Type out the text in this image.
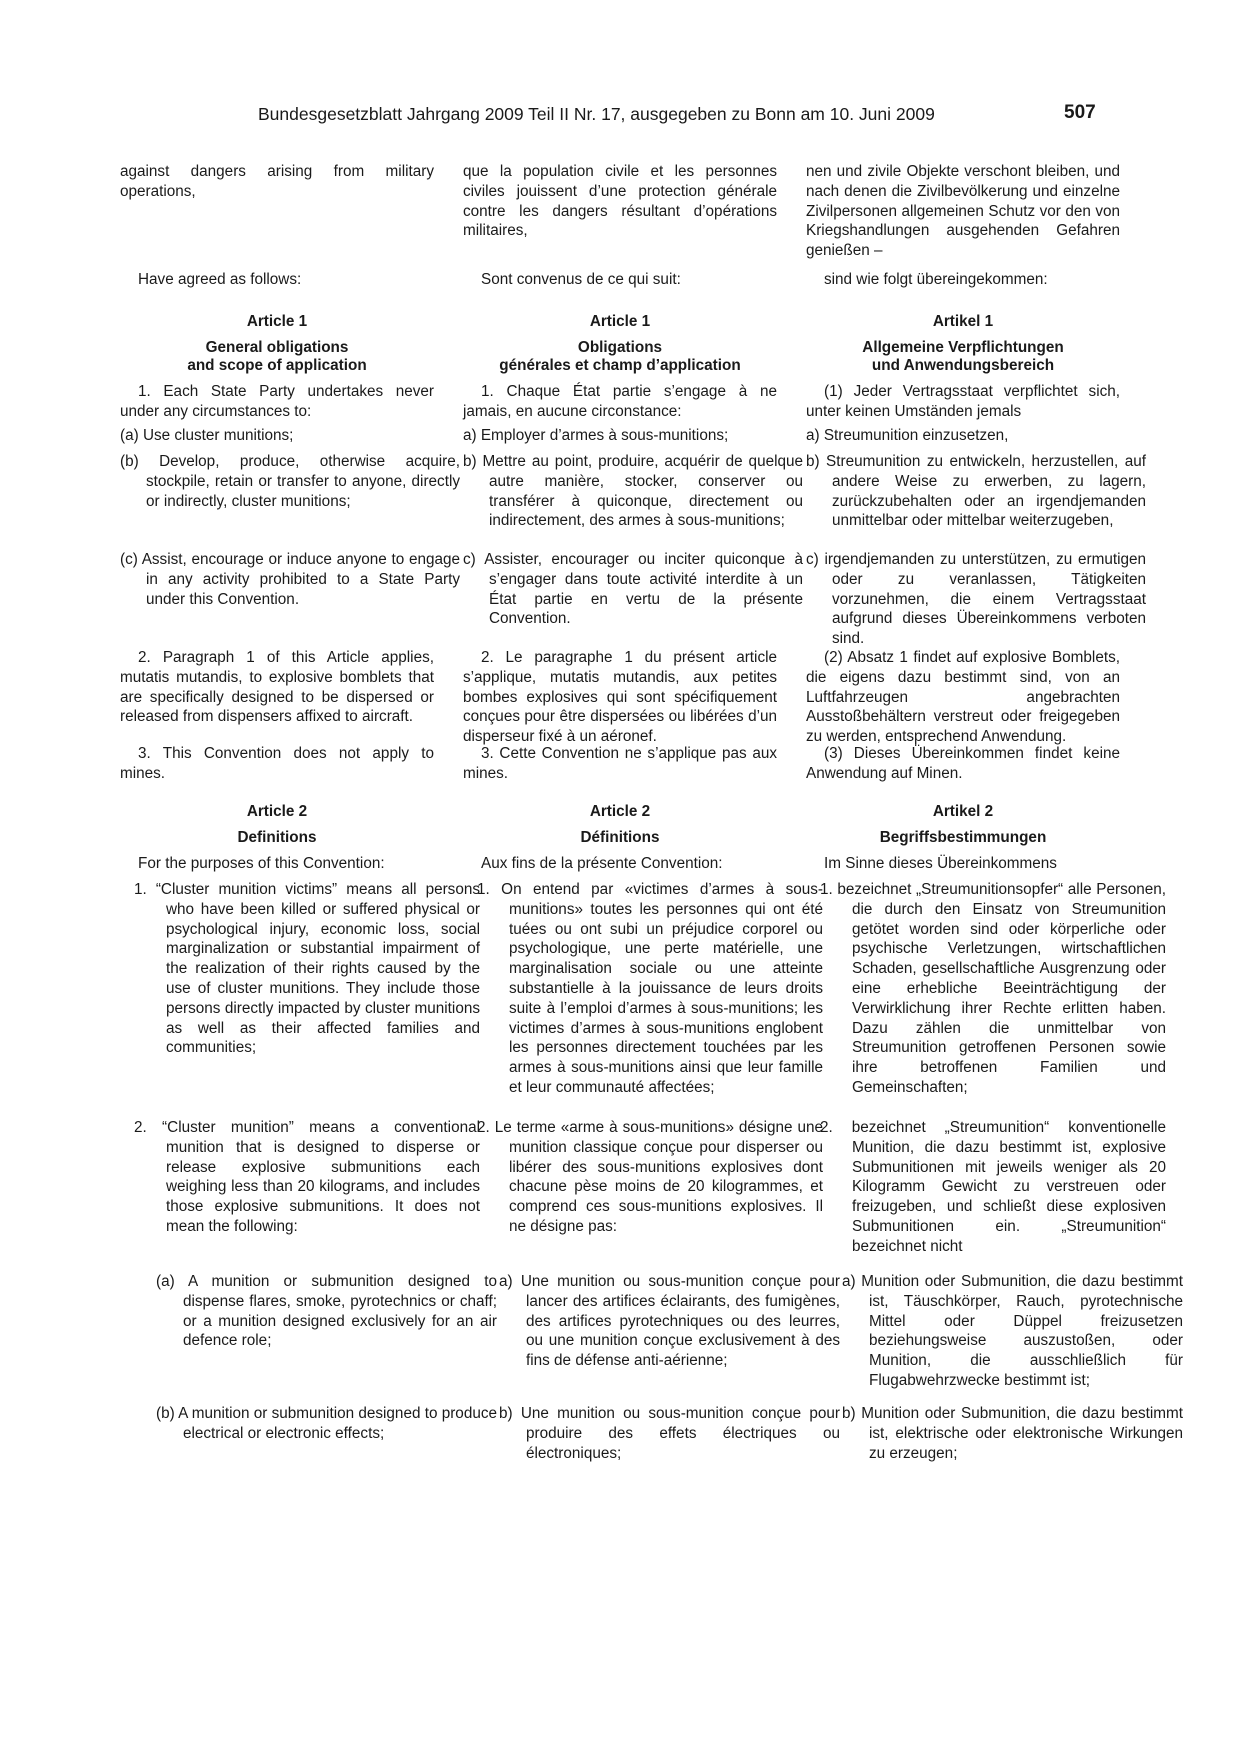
Bundesgesetzblatt Jahrgang 2009 Teil II Nr. 17, ausgegeben zu Bonn am 10. Juni 2009	507
against dangers arising from military operations,
Have agreed as follows:
Article 1
General obligations
and scope of application
1. Each State Party undertakes never under any circumstances to:
(a) Use cluster munitions;
(b) Develop, produce, otherwise acquire, stockpile, retain or transfer to anyone, directly or indirectly, cluster munitions;
(c) Assist, encourage or induce anyone to engage in any activity prohibited to a State Party under this Convention.
2. Paragraph 1 of this Article applies, mutatis mutandis, to explosive bomblets that are specifically designed to be dispersed or released from dispensers affixed to aircraft.
3. This Convention does not apply to mines.
Article 2
Definitions
For the purposes of this Convention:
1. “Cluster munition victims” means all persons who have been killed or suffered physical or psychological injury, economic loss, social marginalization or substantial impairment of the realization of their rights caused by the use of cluster munitions. They include those persons directly impacted by cluster munitions as well as their affected families and communities;
2. “Cluster munition” means a conventional munition that is designed to disperse or release explosive submunitions each weighing less than 20 kilograms, and includes those explosive submunitions. It does not mean the following:
(a) A munition or submunition designed to dispense flares, smoke, pyrotechnics or chaff; or a munition designed exclusively for an air defence role;
(b) A munition or submunition designed to produce electrical or electronic effects;
que la population civile et les personnes civiles jouissent d’une protection générale contre les dangers résultant d’opérations militaires,
Sont convenus de ce qui suit:
Article 1
Obligations
générales et champ d’application
1. Chaque État partie s’engage à ne jamais, en aucune circonstance:
a) Employer d’armes à sous-munitions;
b) Mettre au point, produire, acquérir de quelque autre manière, stocker, conserver ou transférer à quiconque, directement ou indirectement, des armes à sous-munitions;
c) Assister, encourager ou inciter quiconque à s’engager dans toute activité interdite à un État partie en vertu de la présente Convention.
2. Le paragraphe 1 du présent article s’applique, mutatis mutandis, aux petites bombes explosives qui sont spécifiquement conçues pour être dispersées ou libérées d’un disperseur fixé à un aéronef.
3. Cette Convention ne s’applique pas aux mines.
Article 2
Définitions
Aux fins de la présente Convention:
1. On entend par «victimes d’armes à sous-munitions» toutes les personnes qui ont été tuées ou ont subi un préjudice corporel ou psychologique, une perte matérielle, une marginalisation sociale ou une atteinte substantielle à la jouissance de leurs droits suite à l’emploi d’armes à sous-munitions; les victimes d’armes à sous-munitions englobent les personnes directement touchées par les armes à sous-munitions ainsi que leur famille et leur communauté affectées;
2. Le terme «arme à sous-munitions» désigne une munition classique conçue pour disperser ou libérer des sous-munitions explosives dont chacune pèse moins de 20 kilogrammes, et comprend ces sous-munitions explosives. Il ne désigne pas:
a) Une munition ou sous-munition conçue pour lancer des artifices éclairants, des fumigènes, des artifices pyrotechniques ou des leurres, ou une munition conçue exclusivement à des fins de défense anti-aérienne;
b) Une munition ou sous-munition conçue pour produire des effets électriques ou électroniques;
nen und zivile Objekte verschont bleiben, und nach denen die Zivilbevölkerung und einzelne Zivilpersonen allgemeinen Schutz vor den von Kriegshandlungen ausgehenden Gefahren genießen –
sind wie folgt übereingekommen:
Artikel 1
Allgemeine Verpflichtungen
und Anwendungsbereich
(1) Jeder Vertragsstaat verpflichtet sich, unter keinen Umständen jemals
a) Streumunition einzusetzen,
b) Streumunition zu entwickeln, herzustellen, auf andere Weise zu erwerben, zu lagern, zurückzubehalten oder an irgendjemanden unmittelbar oder mittelbar weiterzugeben,
c) irgendjemanden zu unterstützen, zu ermutigen oder zu veranlassen, Tätigkeiten vorzunehmen, die einem Vertragsstaat aufgrund dieses Übereinkommens verboten sind.
(2) Absatz 1 findet auf explosive Bomblets, die eigens dazu bestimmt sind, von an Luftfahrzeugen angebrachten Ausstoßbehältern verstreut oder freigegeben zu werden, entsprechend Anwendung.
(3) Dieses Übereinkommen findet keine Anwendung auf Minen.
Artikel 2
Begriffsbestimmungen
Im Sinne dieses Übereinkommens
1. bezeichnet „Streumunitionsopfer“ alle Personen, die durch den Einsatz von Streumunition getötet worden sind oder körperliche oder psychische Verletzungen, wirtschaftlichen Schaden, gesellschaftliche Ausgrenzung oder eine erhebliche Beeinträchtigung der Verwirklichung ihrer Rechte erlitten haben. Dazu zählen die unmittelbar von Streumunition getroffenen Personen sowie ihre betroffenen Familien und Gemeinschaften;
2. bezeichnet „Streumunition“ konventionelle Munition, die dazu bestimmt ist, explosive Submunitionen mit jeweils weniger als 20 Kilogramm Gewicht zu verstreuen oder freizugeben, und schließt diese explosiven Submunitionen ein. „Streumunition“ bezeichnet nicht
a) Munition oder Submunition, die dazu bestimmt ist, Täuschkörper, Rauch, pyrotechnische Mittel oder Düppel freizusetzen beziehungsweise auszustoßen, oder Munition, die ausschließlich für Flugabwehrzwecke bestimmt ist;
b) Munition oder Submunition, die dazu bestimmt ist, elektrische oder elektronische Wirkungen zu erzeugen;
